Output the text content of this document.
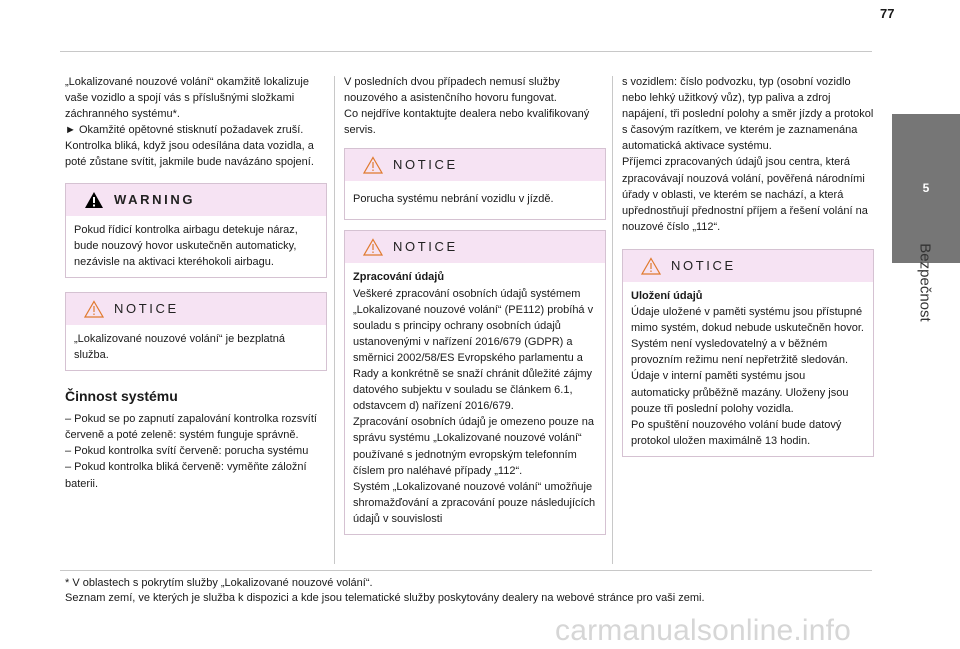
77
5
Bezpečnost

„Lokalizované nouzové volání“ okamžitě lokalizuje vaše vozidlo a spojí vás s příslušnými složkami záchranného systému*.
► Okamžité opětovné stisknutí požadavek zruší.
Kontrolka bliká, když jsou odesílána data vozidla, a poté zůstane svítit, jakmile bude navázáno spojení.

WARNING
Pokud řídicí kontrolka airbagu detekuje náraz, bude nouzový hovor uskutečněn automaticky, nezávisle na aktivaci kteréhokoli airbagu.
NOTICE
„Lokalizované nouzové volání“ je bezplatná služba.
Činnost systému

– Pokud se po zapnutí zapalování kontrolka rozsvítí červeně a poté zeleně: systém funguje správně.
– Pokud kontrolka svítí červeně: porucha systému
– Pokud kontrolka bliká červeně: vyměňte záložní baterii.

V posledních dvou případech nemusí služby nouzového a asistenčního hovoru fungovat.
Co nejdříve kontaktujte dealera nebo kvalifikovaný servis.

NOTICE
Porucha systému nebrání vozidlu v jízdě.
NOTICE
Zpracování údajů
Veškeré zpracování osobních údajů systémem „Lokalizované nouzové volání“ (PE112) probíhá v souladu s principy ochrany osobních údajů ustanovenými v nařízení 2016/679 (GDPR) a směrnici 2002/58/ES Evropského parlamentu a Rady a konkrétně se snaží chránit důležité zájmy datového subjektu v souladu se článkem 6.1, odstavcem d) nařízení 2016/679.
Zpracování osobních údajů je omezeno pouze na správu systému „Lokalizované nouzové volání“ používané s jednotným evropským telefonním číslem pro naléhavé případy „112“.
Systém „Lokalizované nouzové volání“ umožňuje shromažďování a zpracování pouze následujících údajů v souvislosti

s vozidlem: číslo podvozku, typ (osobní vozidlo nebo lehký užitkový vůz), typ paliva a zdroj napájení, tři poslední polohy a směr jízdy a protokol s časovým razítkem, ve kterém je zaznamenána automatická aktivace systému.
Příjemci zpracovaných údajů jsou centra, která zpracovávají nouzová volání, pověřená národními úřady v oblasti, ve kterém se nachází, a která upřednostňují přednostní příjem a řešení volání na nouzové číslo „112“.

NOTICE
Uložení údajů
Údaje uložené v paměti systému jsou přístupné mimo systém, dokud nebude uskutečněn hovor. Systém není vysledovatelný a v běžném provozním režimu není nepřetržitě sledován.
Údaje v interní paměti systému jsou automaticky průběžně mazány. Uloženy jsou pouze tři poslední polohy vozidla.
Po spuštění nouzového volání bude datový protokol uložen maximálně 13 hodin.
* V oblastech s pokrytím služby „Lokalizované nouzové volání“.
Seznam zemí, ve kterých je služba k dispozici a kde jsou telematické služby poskytovány dealery na webové stránce pro vaši zemi.
carmanualsonline.info
